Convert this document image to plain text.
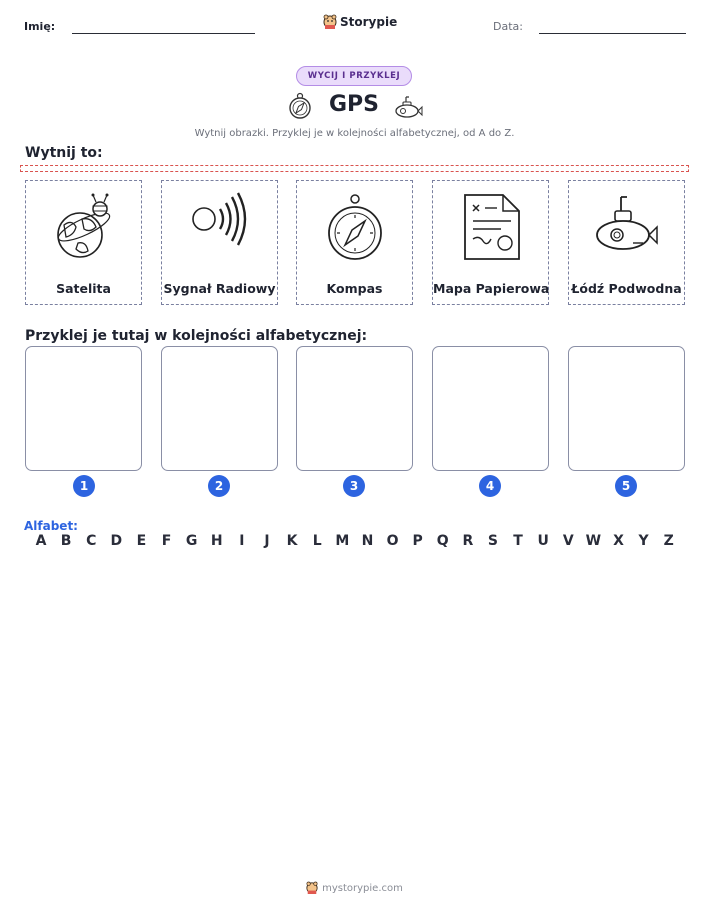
Imię:	Storypie	Data:
WYCIJ I PRZYKLEJ
GPS
Wytnij obrazki. Przyklej je w kolejności alfabetycznej, od A do Z.
Wytnij to:
Satelita	Sygnał Radiowy	Kompas	Mapa Papierowa Łódź Podwodna
Przyklej je tutaj w kolejności alfabetycznej:
1	2	3	4	5
Alfabet:
A B C D E F G H	I	J	K L M N O P Q R S T U V W X Y Z
mystorypie.com
